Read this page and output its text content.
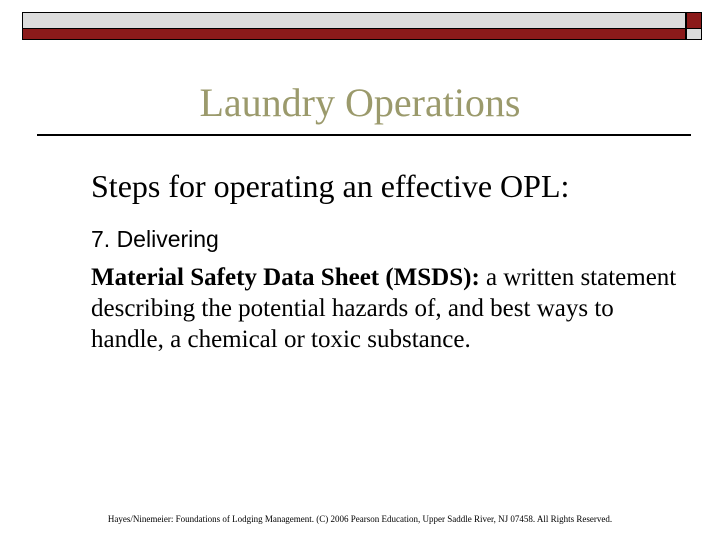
Laundry Operations
Steps for operating an effective OPL:
7. Delivering
Material Safety Data Sheet (MSDS): a written statement describing the potential hazards of, and best ways to handle, a chemical or toxic substance.
Hayes/Ninemeier: Foundations of Lodging Management. (C) 2006 Pearson Education, Upper Saddle River, NJ 07458. All Rights Reserved.
